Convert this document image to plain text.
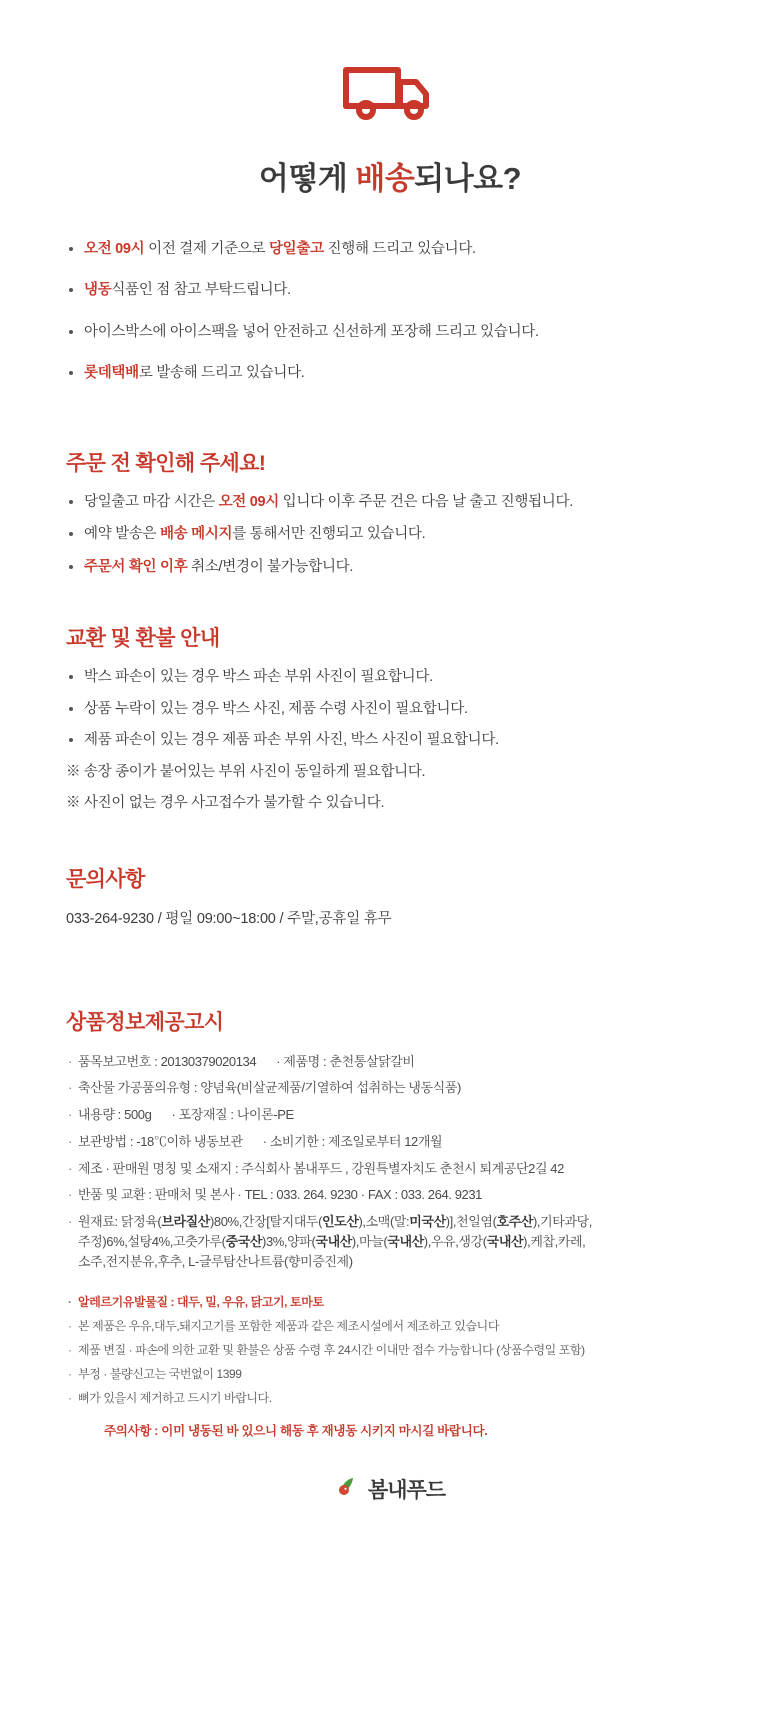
어떻게 배송되나요?
오전 09시 이전 결제 기준으로 당일출고 진행해 드리고 있습니다.
냉동식품인 점 참고 부탁드립니다.
아이스박스에 아이스팩을 넣어 안전하고 신선하게 포장해 드리고 있습니다.
롯데택배로 발송해 드리고 있습니다.
주문 전 확인해 주세요!
당일출고 마감 시간은 오전 09시 입니다 이후 주문 건은 다음 날 출고 진행됩니다.
예약 발송은 배송 메시지를 통해서만 진행되고 있습니다.
주문서 확인 이후 취소/변경이 불가능합니다.
교환 및 환불 안내
박스 파손이 있는 경우 박스 파손 부위 사진이 필요합니다.
상품 누락이 있는 경우 박스 사진, 제품 수령 사진이 필요합니다.
제품 파손이 있는 경우 제품 파손 부위 사진, 박스 사진이 필요합니다.
※ 송장 종이가 붙어있는 부위 사진이 동일하게 필요합니다.
※ 사진이 없는 경우 사고접수가 불가할 수 있습니다.
문의사항
033-264-9230 / 평일 09:00~18:00 / 주말,공휴일 휴무
상품정보제공고시
· 품목보고번호 : 20130379020134 · 제품명 : 춘천통살닭갈비
· 축산물 가공품의유형 : 양념육(비살균제품/기열하여 섭취하는 냉동식품)
· 내용량 : 500g · 포장재질 : 나이론-PE
· 보관방법 : -18℃이하 냉동보관 · 소비기한 : 제조일로부터 12개월
· 제조 · 판매원 명칭 및 소재지 : 주식회사 봄내푸드 , 강원특별자치도 춘천시 퇴계공단2길 42
· 반품 및 교환 : 판매처 및 본사 · TEL : 033. 264. 9230 · FAX : 033. 264. 9231
· 원재료: 닭정육(브라질산)80%,간장[탈지대두(인도산),소맥(말:미국산)],천일염(호주산),기타과당,
주정)6%,설탕4%,고춧가루(중국산)3%,양파(국내산),마늘(국내산),우유,생강(국내산),케찹,카레,
소주,전지분유,후추, L-글루탐산나트륨(향미증진제)
· 알레르기유발물질 : 대두, 밀, 우유, 닭고기, 토마토
· 본 제품은 우유,대두,돼지고기를 포함한 제품과 같은 제조시설에서 제조하고 있습니다
· 제품 변질 · 파손에 의한 교환 및 환불은 상품 수령 후 24시간 이내만 접수 가능합니다 (상품수령일 포함)
· 부정 · 불량신고는 국번없이 1399
· 뼈가 있을시 제거하고 드시기 바랍니다.
주의사항 : 이미 냉동된 바 있으니 해동 후 재냉동 시키지 마시길 바랍니다.
봄내푸드
